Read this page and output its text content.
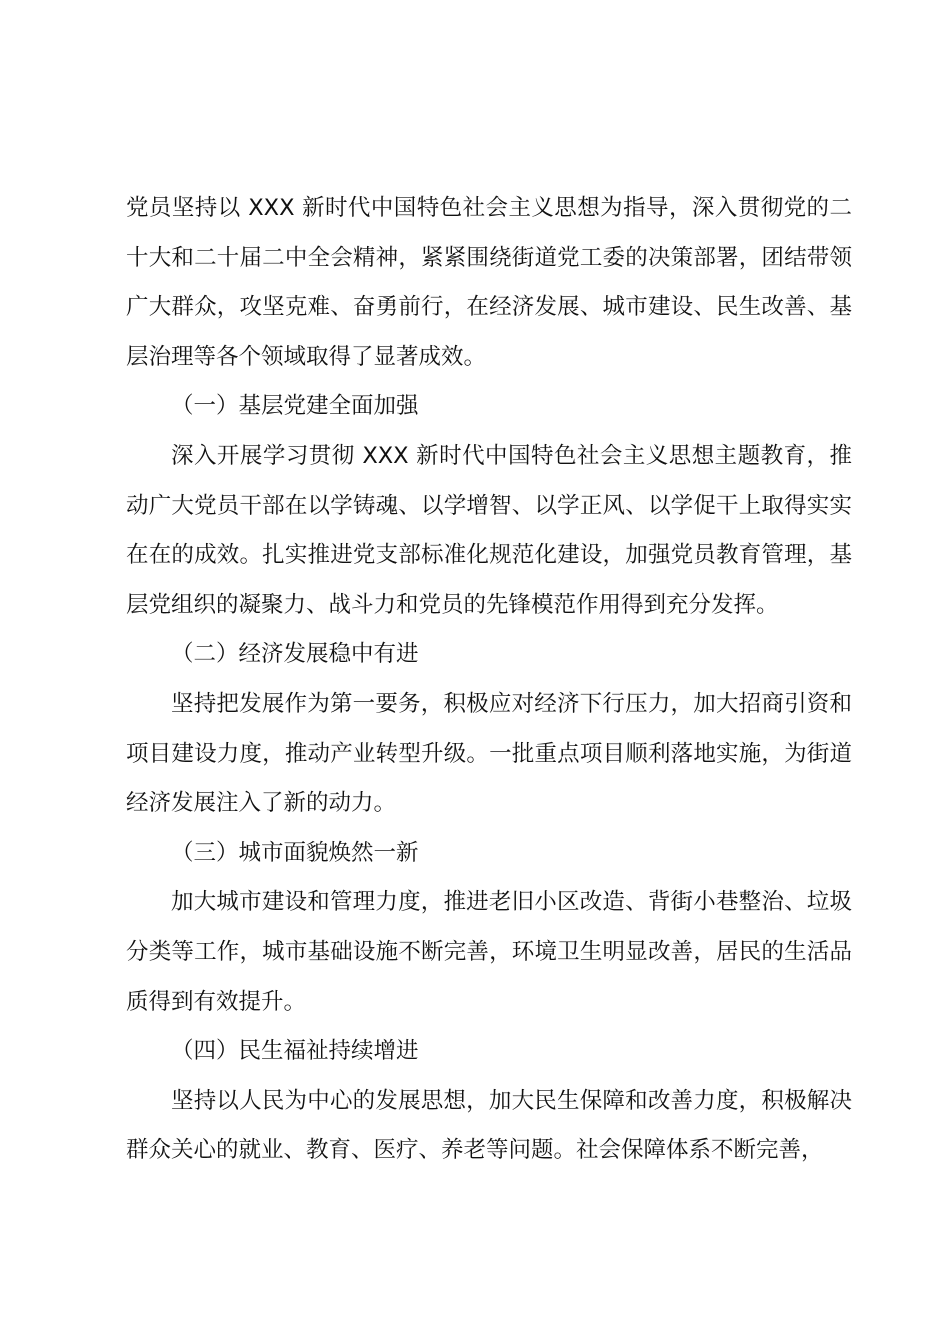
党员坚持以 XXX 新时代中国特色社会主义思想为指导，深入贯彻党的二十大和二十届二中全会精神，紧紧围绕街道党工委的决策部署，团结带领广大群众，攻坚克难、奋勇前行，在经济发展、城市建设、民生改善、基层治理等各个领域取得了显著成效。

（一）基层党建全面加强

深入开展学习贯彻 XXX 新时代中国特色社会主义思想主题教育，推动广大党员干部在以学铸魂、以学增智、以学正风、以学促干上取得实实在在的成效。扎实推进党支部标准化规范化建设，加强党员教育管理，基层党组织的凝聚力、战斗力和党员的先锋模范作用得到充分发挥。

（二）经济发展稳中有进

坚持把发展作为第一要务，积极应对经济下行压力，加大招商引资和项目建设力度，推动产业转型升级。一批重点项目顺利落地实施，为街道经济发展注入了新的动力。

（三）城市面貌焕然一新

加大城市建设和管理力度，推进老旧小区改造、背街小巷整治、垃圾分类等工作，城市基础设施不断完善，环境卫生明显改善，居民的生活品质得到有效提升。

（四）民生福祉持续增进

坚持以人民为中心的发展思想，加大民生保障和改善力度，积极解决群众关心的就业、教育、医疗、养老等问题。社会保障体系不断完善，
